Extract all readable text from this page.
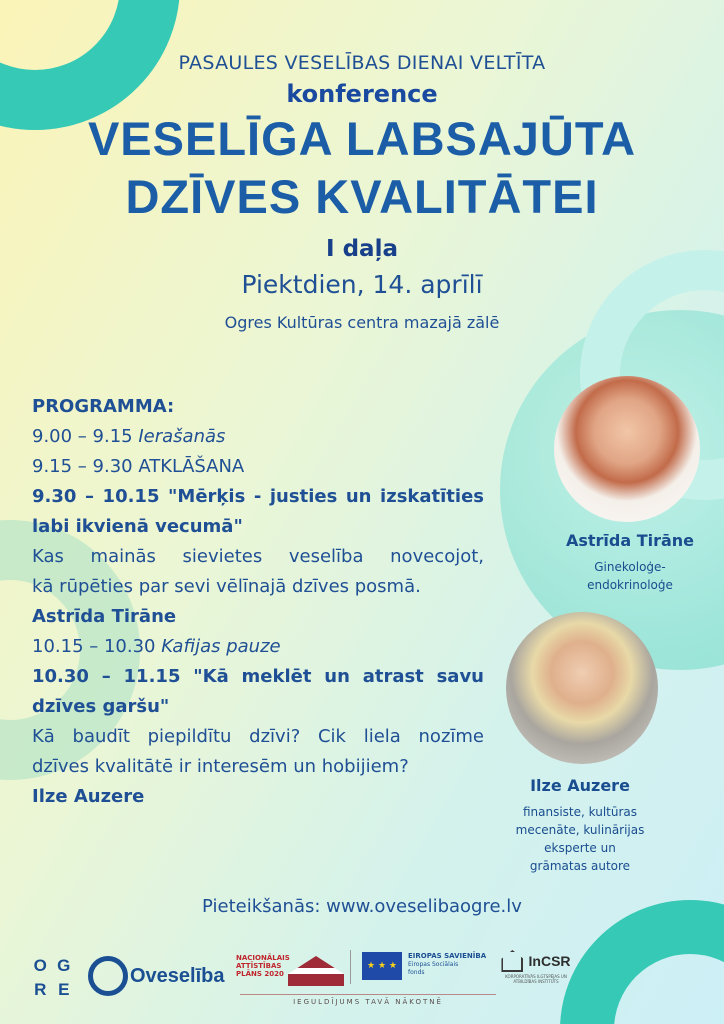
PASAULES VESELĪBAS DIENAI VELTĪTA
konference
VESELĪGA LABSAJŪTA
DZĪVES KVALITĀTEI
I daļa
Piektdien, 14. aprīlī
Ogres Kultūras centra mazajā zālē
PROGRAMMA:
9.00 – 9.15 Ierašanās
9.15 – 9.30 ATKLĀŠANA
9.30 – 10.15 "Mērķis - justies un izskatīties
labi ikvienā vecumā"
Kas mainās sievietes veselība novecojot,
kā rūpēties par sevi vēlīnajā dzīves posmā.
Astrīda Tirāne
10.15 – 10.30 Kafijas pauze
10.30 – 11.15 "Kā meklēt un atrast savu
dzīves garšu"
Kā baudīt piepildītu dzīvi? Cik liela nozīme
dzīves kvalitātē ir interesēm un hobijiem?
Ilze Auzere
Astrīda Tirāne
Ginekoloģe-
endokrinoloģe
Ilze Auzere
finansiste, kultūras
mecenāte, kulinārijas
eksperte un
grāmatas autore
Pieteikšanās: www.oveselibaogre.lv
O G
R E
Oveselība
NACIONĀLAIS
ATTĪSTĪBAS
PLĀNS 2020
★ ★ ★
EIROPAS SAVIENĪBA
Eiropas Sociālais
fonds
IEGULDĪJUMS TAVĀ NĀKOTNĒ
InCSR
KORPORATĪVĀS ILGTSPĒJAS UN ATBILDĪBAS INSTITŪTS
